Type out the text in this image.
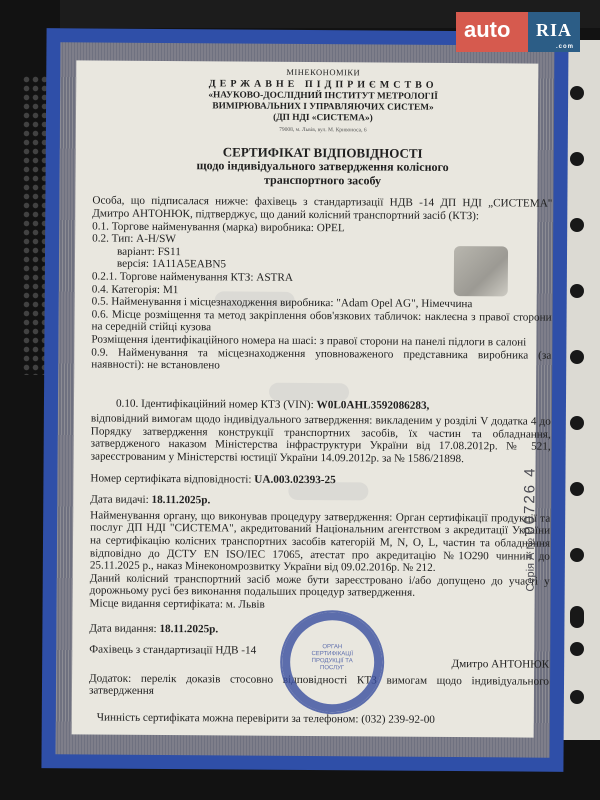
МІНЕКОНОМІКИ
ДЕРЖАВНЕ ПІДПРИЄМСТВО
«НАУКОВО-ДОСЛІДНИЙ ІНСТИТУТ МЕТРОЛОГІЇ
ВИМІРЮВАЛЬНИХ І УПРАВЛЯЮЧИХ СИСТЕМ»
(ДП НДІ «СИСТЕМА»)
79008, м. Львів, вул. М. Кривоноса, 6
СЕРТИФІКАТ ВІДПОВІДНОСТІ
щодо індивідуального затвердження колісного
транспортного засобу

Особа, що підписалася нижче: фахівець з стандартизації НДВ -14 ДП НДІ „СИСТЕМА" Дмитро АНТОНЮК, підтверджує, що даний колісний транспортний засіб (КТЗ):

0.1. Торгове найменування (марка) виробника: OPEL
0.2. Тип: A-H/SW
варіант: FS11
версія: 1A11A5EABN5
0.2.1. Торгове найменування КТЗ: ASTRA
0.4. Категорія: M1
0.5. Найменування і місцезнаходження виробника: "Adam Opel AG", Німеччина

0.6. Місце розміщення та метод закріплення обов'язкових табличок: наклеєна з правої сторони на середній стійці кузова

Розміщення ідентифікаційного номера на шасі: з правої сторони на панелі підлоги в салоні

0.9. Найменування та місцезнаходження уповноваженого представника виробника (за наявності): не встановлено

0.10. Ідентифікаційний номер КТЗ (VIN): W0L0AHL3592086283,

відповідний вимогам щодо індивідуального затвердження: викладеним у розділі V додатка 4 до Порядку затвердження конструкції транспортних засобів, їх частин та обладнання, затвердженого наказом Міністерства інфраструктури України від 17.08.2012р. № 521, зареєстрованим у Міністерстві юстиції України 14.09.2012р. за № 1586/21898.

Номер сертифіката відповідності: UA.003.02393-25
Дата видачі: 18.11.2025р.

Найменування органу, що виконував процедуру затвердження: Орган сертифікації продукції та послуг ДП НДІ "СИСТЕМА", акредитований Національним агентством з акредитації України на сертифікацію колісних транспортних засобів категорій M, N, O, L, частин та обладнання відповідно до ДСТУ EN ISO/IEC 17065, атестат про акредитацію №1О290 чинний до 25.11.2025 р., наказ Мінекономрозвитку України від 09.02.2016р. № 212.

Даний колісний транспортний засіб може бути зареєстровано і/або допущено до участі у дорожньому русі без виконання подальших процедур затвердження.

Місце видання сертифіката: м. Львів
Дата видання: 18.11.2025р.
Фахівець з стандартизації НДВ -14
Дмитро АНТОНЮК

Додаток: перелік доказів стосовно відповідності КТЗ вимогам щодо індивідуального затвердження

Чинність сертифіката можна перевірити за телефоном: (032) 239-92-00

ОРГАН СЕРТИФІКАЦІЇ ПРОДУКЦІЇ ТА ПОСЛУГ
Серія А № 00726 4
auto	RIA
.com
